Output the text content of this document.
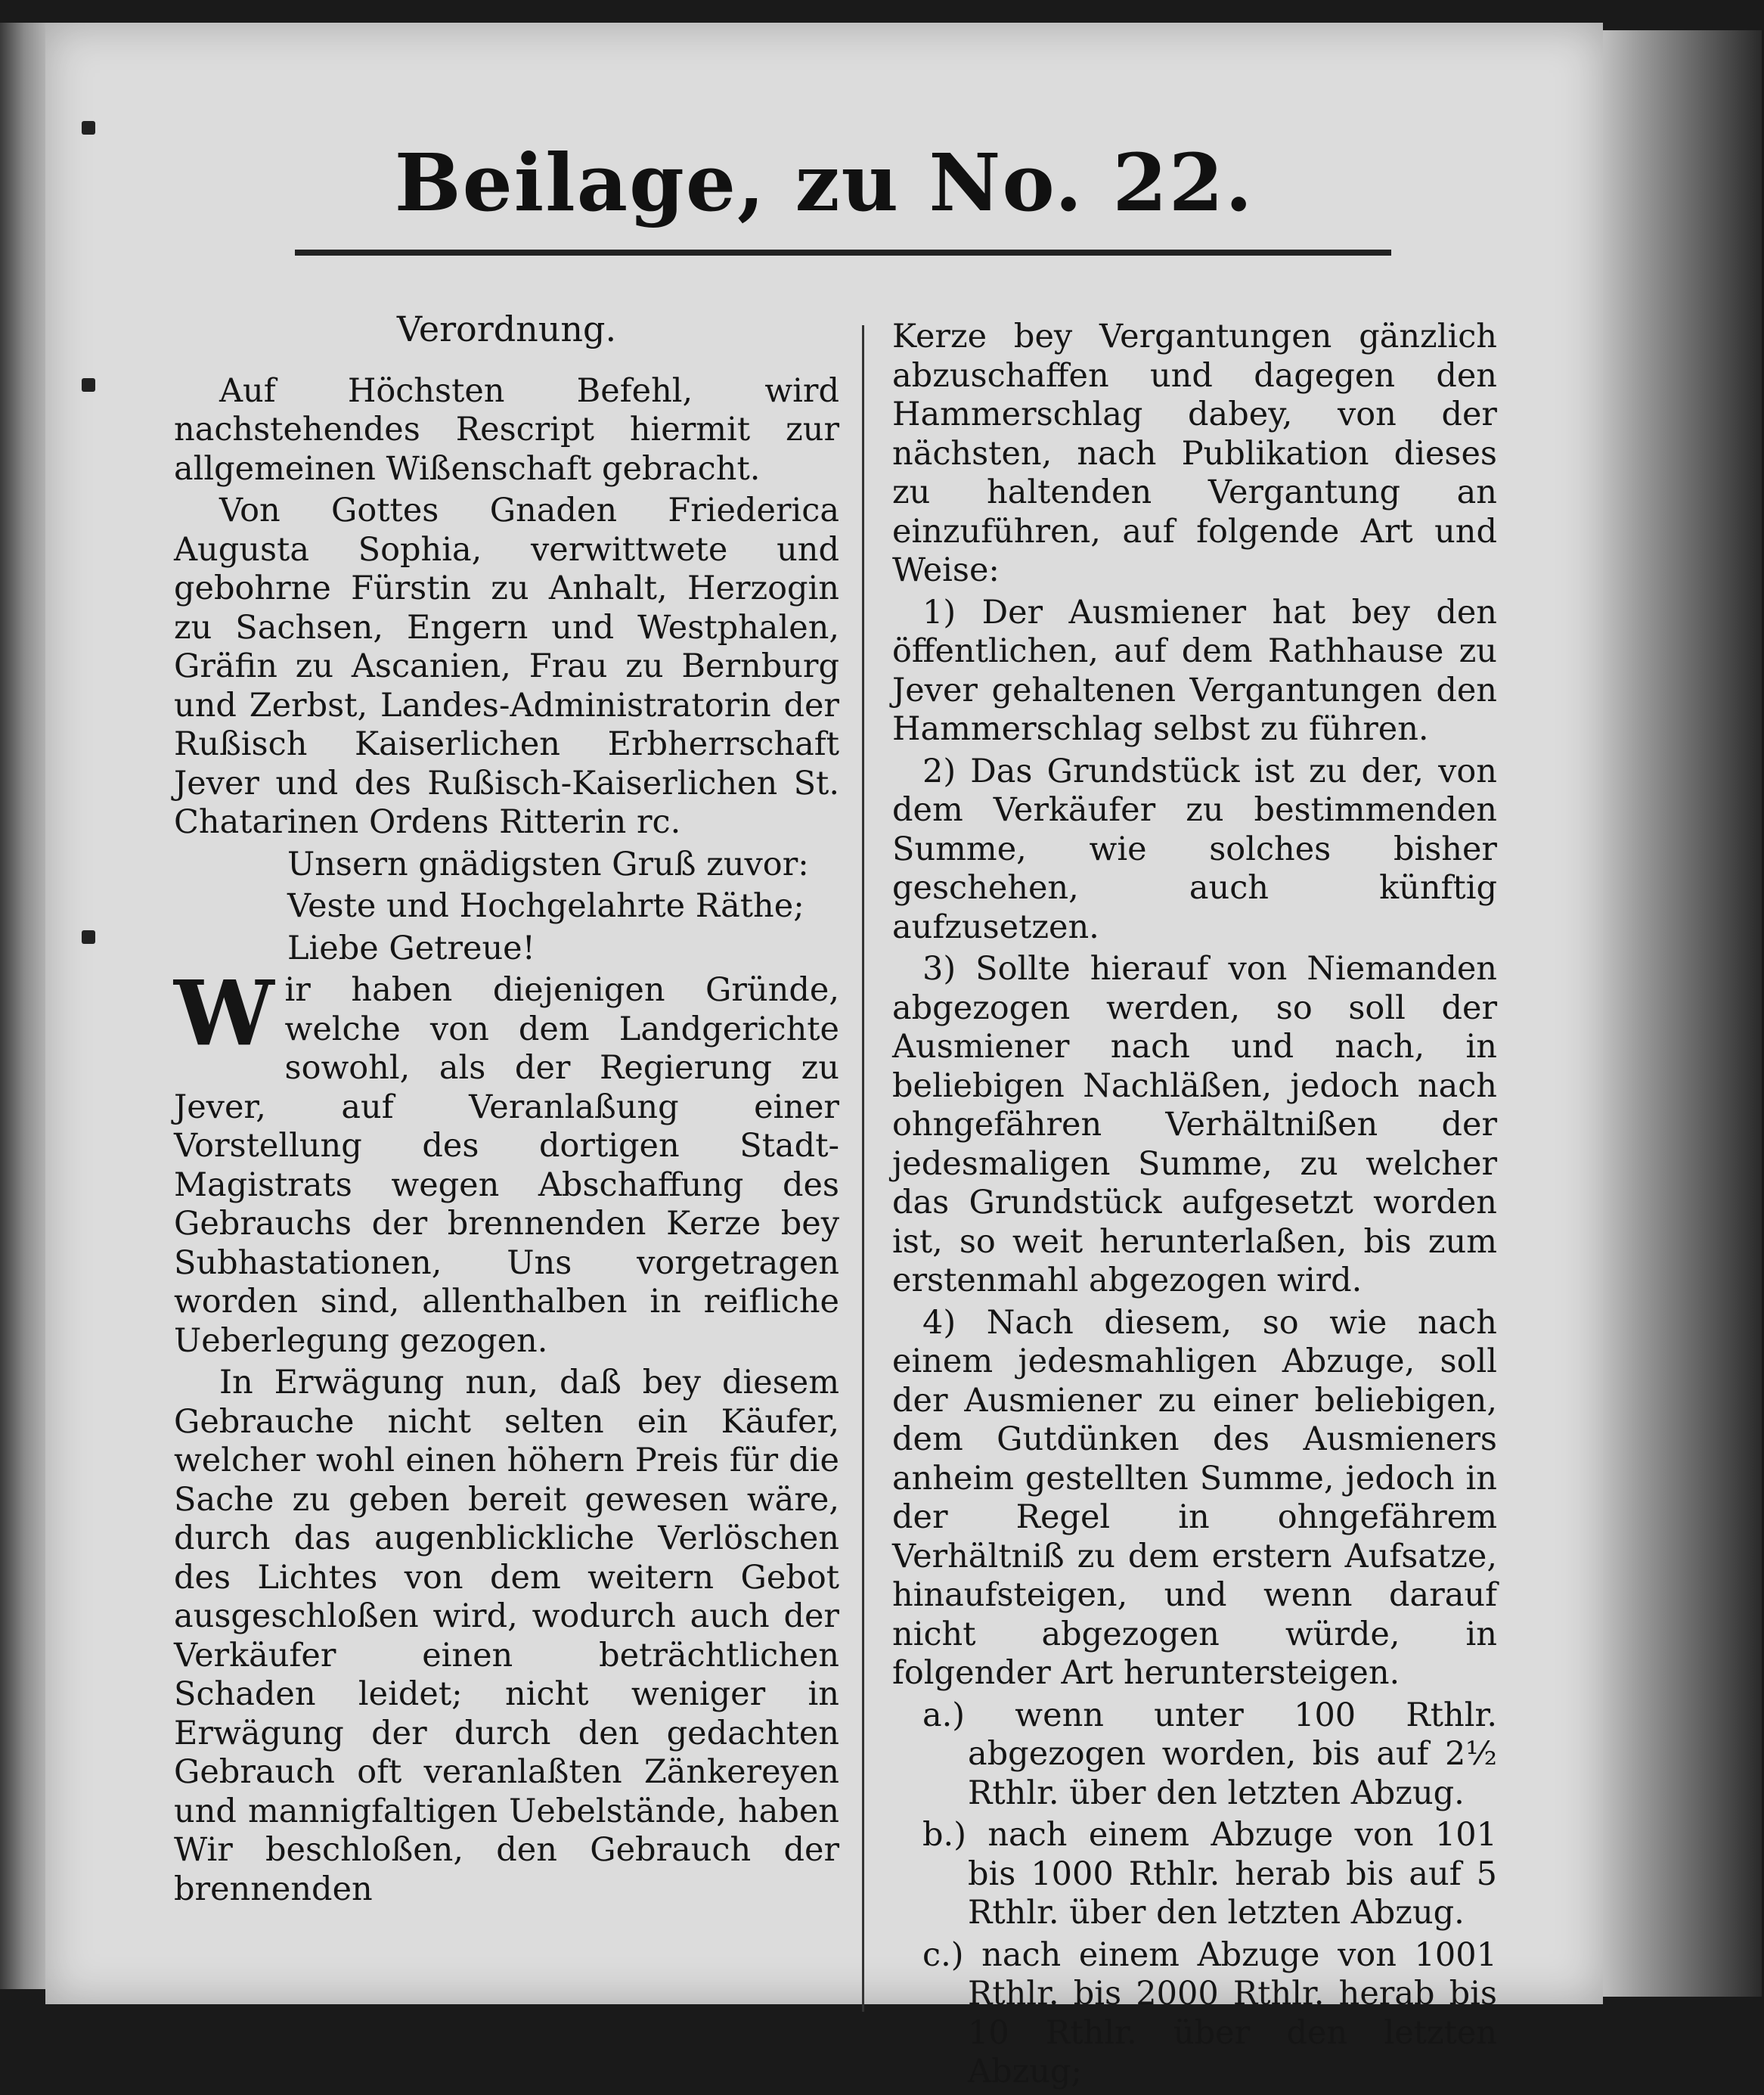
Beilage, zu No. 22.
Verordnung.

Auf Höchsten Befehl, wird nachstehendes Rescript hiermit zur allgemeinen Wißenschaft gebracht.

Von Gottes Gnaden Friederica Augusta Sophia, verwittwete und gebohrne Fürstin zu Anhalt, Herzogin zu Sachsen, Engern und Westphalen, Gräfin zu Ascanien, Frau zu Bernburg und Zerbst, Landes-Administratorin der Rußisch Kaiserlichen Erbherrschaft Jever und des Rußisch-Kaiserlichen St. Chatarinen Ordens Ritterin rc.

Unsern gnädigsten Gruß zuvor:

Veste und Hochgelahrte Räthe;

Liebe Getreue!

Wir haben diejenigen Gründe, welche von dem Landgerichte sowohl, als der Regierung zu Jever, auf Veranlaßung einer Vorstellung des dortigen Stadt-Magistrats wegen Abschaffung des Gebrauchs der brennenden Kerze bey Subhastationen, Uns vorgetragen worden sind, allenthalben in reifliche Ueberlegung gezogen.

In Erwägung nun, daß bey diesem Gebrauche nicht selten ein Käufer, welcher wohl einen höhern Preis für die Sache zu geben bereit gewesen wäre, durch das augenblickliche Verlöschen des Lichtes von dem weitern Gebot ausgeschloßen wird, wodurch auch der Verkäufer einen beträchtlichen Schaden leidet; nicht weniger in Erwägung der durch den gedachten Gebrauch oft veranlaßten Zänkereyen und mannigfaltigen Uebelstände, haben Wir beschloßen, den Gebrauch der brennenden

Kerze bey Vergantungen gänzlich abzuschaffen und dagegen den Hammerschlag dabey, von der nächsten, nach Publikation dieses zu haltenden Vergantung an einzuführen, auf folgende Art und Weise:

1) Der Ausmiener hat bey den öffentlichen, auf dem Rathhause zu Jever gehaltenen Vergantungen den Hammerschlag selbst zu führen.

2) Das Grundstück ist zu der, von dem Verkäufer zu bestimmenden Summe, wie solches bisher geschehen, auch künftig aufzusetzen.

3) Sollte hierauf von Niemanden abgezogen werden, so soll der Ausmiener nach und nach, in beliebigen Nachläßen, jedoch nach ohngefähren Verhältnißen der jedesmaligen Summe, zu welcher das Grundstück aufgesetzt worden ist, so weit herunterlaßen, bis zum erstenmahl abgezogen wird.

4) Nach diesem, so wie nach einem jedesmahligen Abzuge, soll der Ausmiener zu einer beliebigen, dem Gutdünken des Ausmieners anheim gestellten Summe, jedoch in der Regel in ohngefährem Verhältniß zu dem erstern Aufsatze, hinaufsteigen, und wenn darauf nicht abgezogen würde, in folgender Art heruntersteigen.

a.) wenn unter 100 Rthlr. abgezogen worden, bis auf 2½ Rthlr. über den letzten Abzug.

b.) nach einem Abzuge von 101 bis 1000 Rthlr. herab bis auf 5 Rthlr. über den letzten Abzug.

c.) nach einem Abzuge von 1001 Rthlr. bis 2000 Rthlr. herab bis 10 Rthlr. über den letzten Abzug;
